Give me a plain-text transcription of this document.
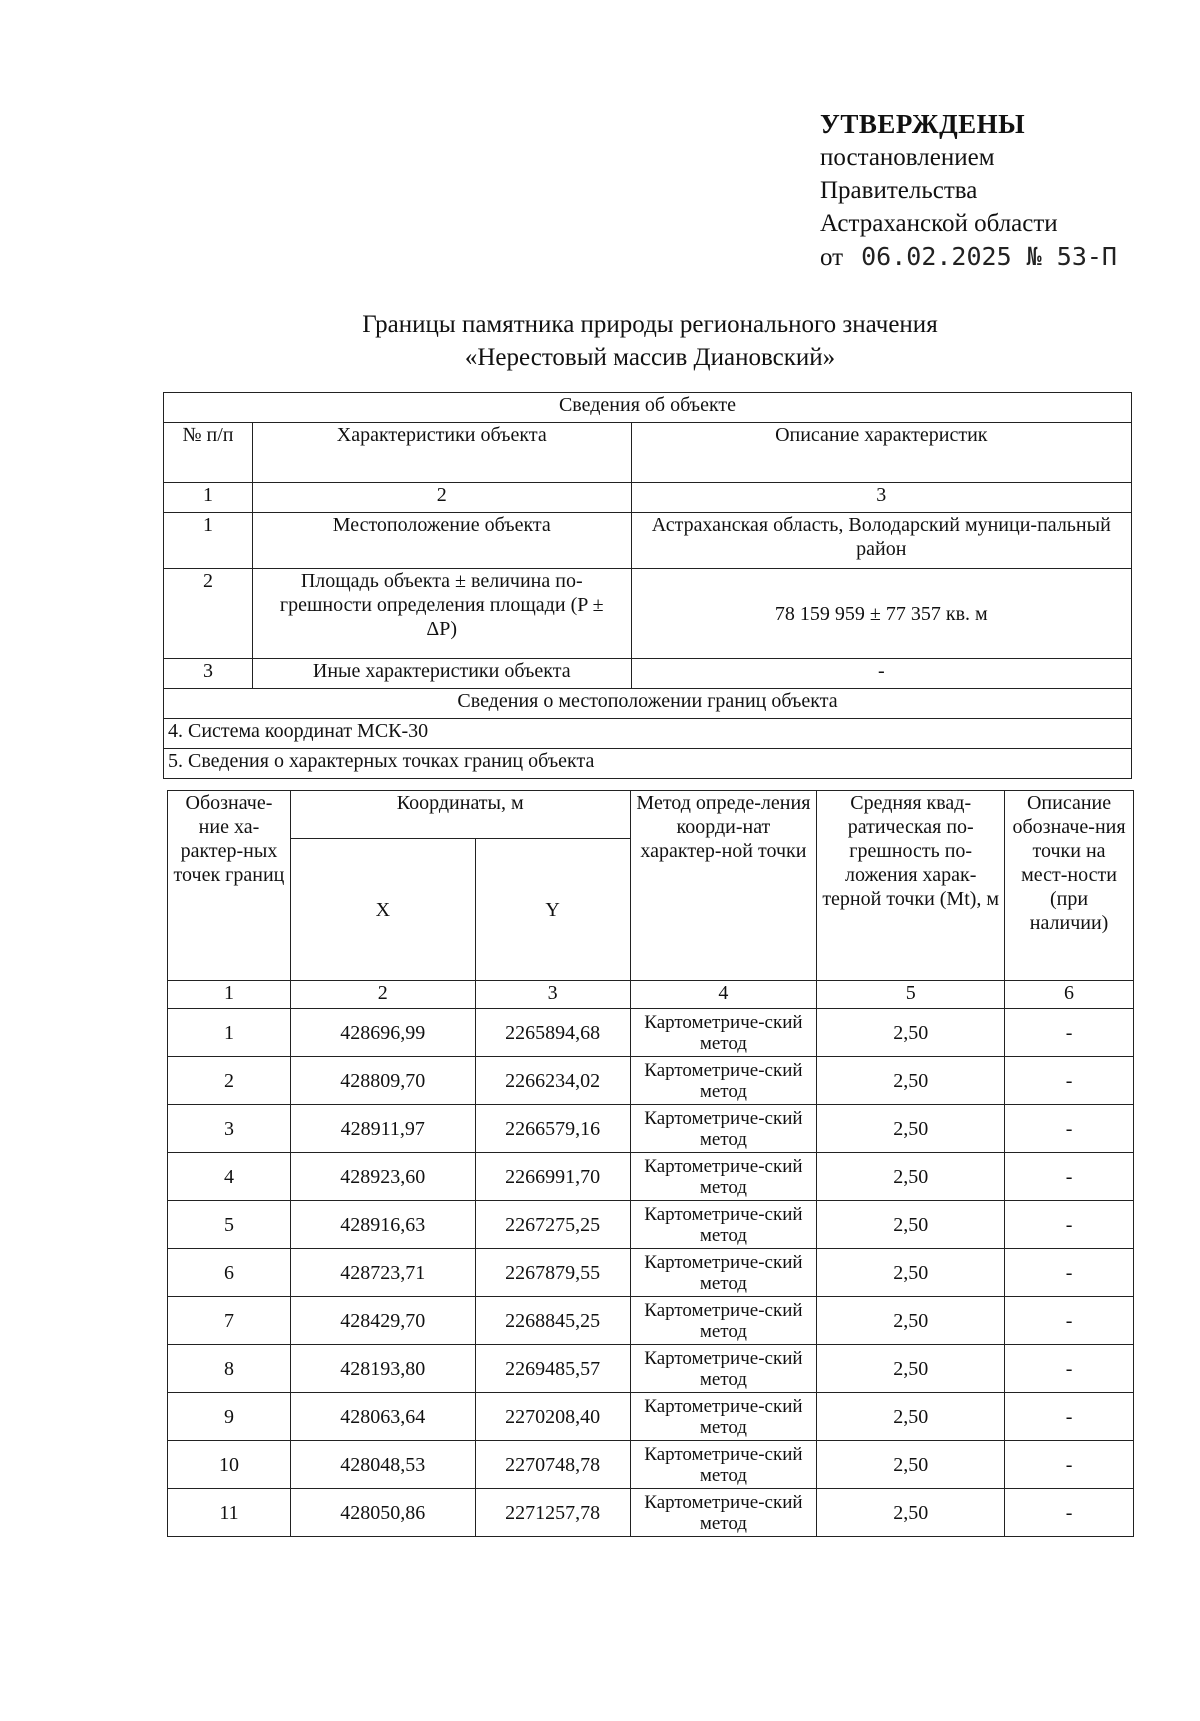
УТВЕРЖДЕНЫ
постановлением
Правительства
Астраханской области
от 06.02.2025 № 53-П
Границы памятника природы регионального значения
«Нерестовый массив Диановский»
Сведения об объекте		
№ п/п	Характеристики объекта	Описание характеристик
1	2	3
1	Местоположение объекта	Астраханская область, Володарский муници-пальный район
2	Площадь объекта ± величина по-грешности определения площади (P ± ΔP)	78 159 959 ± 77 357 кв. м
3	Иные характеристики объекта	-
Сведения о местоположении границ объекта		
4. Система координат МСК-30		
5. Сведения о характерных точках границ объекта		
Обозначе-ние ха-рактер-ных точек границ	Координаты, м		Метод опреде-ления коорди-нат характер-ной точки	Средняя квад-ратическая по-грешность по-ложения харак-терной точки (Mt), м	Описание обозначе-ния точки на мест-ности (при наличии)
	X	Y			
1	2	3	4	5	6
1	428696,99	2265894,68	Картометриче-ский метод	2,50	-
2	428809,70	2266234,02	Картометриче-ский метод	2,50	-
3	428911,97	2266579,16	Картометриче-ский метод	2,50	-
4	428923,60	2266991,70	Картометриче-ский метод	2,50	-
5	428916,63	2267275,25	Картометриче-ский метод	2,50	-
6	428723,71	2267879,55	Картометриче-ский метод	2,50	-
7	428429,70	2268845,25	Картометриче-ский метод	2,50	-
8	428193,80	2269485,57	Картометриче-ский метод	2,50	-
9	428063,64	2270208,40	Картометриче-ский метод	2,50	-
10	428048,53	2270748,78	Картометриче-ский метод	2,50	-
11	428050,86	2271257,78	Картометриче-ский метод	2,50	-
